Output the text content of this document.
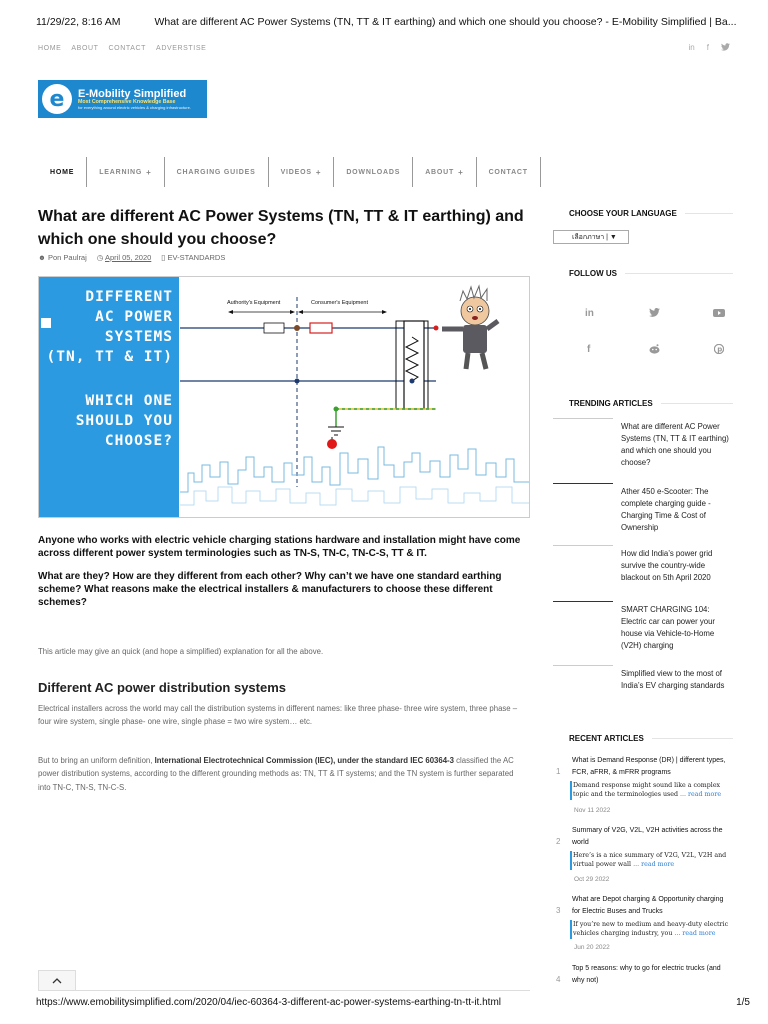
11/29/22, 8:16 AM	What are different AC Power Systems (TN, TT & IT earthing) and which one should you choose? - E-Mobility Simplified | Ba...
HOME ABOUT CONTACT ADVERSTISE	in f
e	E-Mobility Simplified
Most Comprehensive Knowledge Base
for everything around electric vehicles & charging infrastructure.
HOME	LEARNING +	CHARGING GUIDES	VIDEOS +	DOWNLOADS	ABOUT +	CONTACT
What are different AC Power Systems (TN, TT & IT earthing) and which one should you choose?
☻ Pon Paulraj ◷ April 05, 2020 ▯ EV-STANDARDS
DIFFERENT
AC POWER
SYSTEMS
(TN, TT & IT)
WHICH ONE
SHOULD YOU
CHOOSE?
Authority's Equipment	Consumer's Equipment

Anyone who works with electric vehicle charging stations hardware and installation might have come across different power system terminologies such as TN-S, TN-C, TN-C-S, TT & IT.

What are they? How are they different from each other? Why can’t we have one standard earthing scheme? What reasons make the electrical installers & manufacturers to choose these different schemes?

This article may give an quick (and hope a simplified) explanation for all the above.
Different AC power distribution systems
Electrical installers across the world may call the distribution systems in different names: like three phase- three wire system, three phase – four wire system, single phase- one wire, single phase = two wire system… etc.
But to bring an uniform definition, International Electrotechnical Commission (IEC), under the standard IEC 60364-3 classified the AC power distribution systems, according to the different grounding methods as: TN, TT & IT systems; and the TN system is further separated into TN-C, TN-S, TN-C-S.
CHOOSE YOUR LANGUAGE
เลือกภาษา | ▼
FOLLOW US
in
f	p
TRENDING ARTICLES
What are different AC Power Systems (TN, TT & IT earthing) and which one should you choose?
Ather 450 e-Scooter: The complete charging guide - Charging Time & Cost of Ownership
How did India’s power grid survive the country-wide blackout on 5th April 2020
SMART CHARGING 104: Electric car can power your house via Vehicle-to-Home (V2H) charging
Simplified view to the most of India’s EV charging standards
RECENT ARTICLES
1
What is Demand Response (DR) | different types, FCR, aFRR, & mFRR programs
Demand response might sound like a complex topic and the terminologies used ... read more
Nov 11 2022
2
Summary of V2G, V2L, V2H activities across the world
Here’s is a nice summary of V2G, V2L, V2H and virtual power wall ... read more
Oct 29 2022
3
What are Depot charging & Opportunity charging for Electric Buses and Trucks
If you’re new to medium and heavy-duty electric vehicles charging industry, you ... read more
Jun 20 2022
4
Top 5 reasons: why to go for electric trucks (and why not)
https://www.emobilitysimplified.com/2020/04/iec-60364-3-different-ac-power-systems-earthing-tn-tt-it.html	1/5
